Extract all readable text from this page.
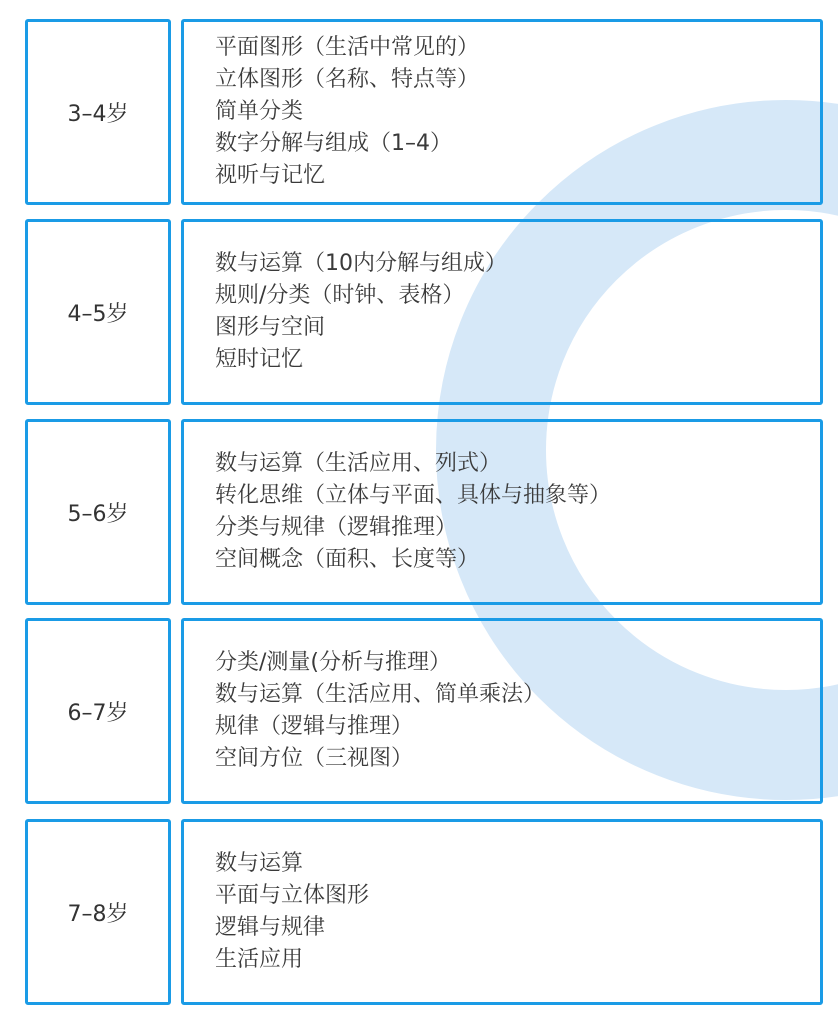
3–4岁
平面图形（生活中常见的）
立体图形（名称、特点等）
简单分类
数字分解与组成（1–4）
视听与记忆
4–5岁
数与运算（10内分解与组成）
规则/分类（时钟、表格）
图形与空间
短时记忆
5–6岁
数与运算（生活应用、列式）
转化思维（立体与平面、具体与抽象等）
分类与规律（逻辑推理）
空间概念（面积、长度等）
6–7岁
分类/测量(分析与推理）
数与运算（生活应用、简单乘法）
规律（逻辑与推理）
空间方位（三视图）
7–8岁
数与运算
平面与立体图形
逻辑与规律
生活应用
